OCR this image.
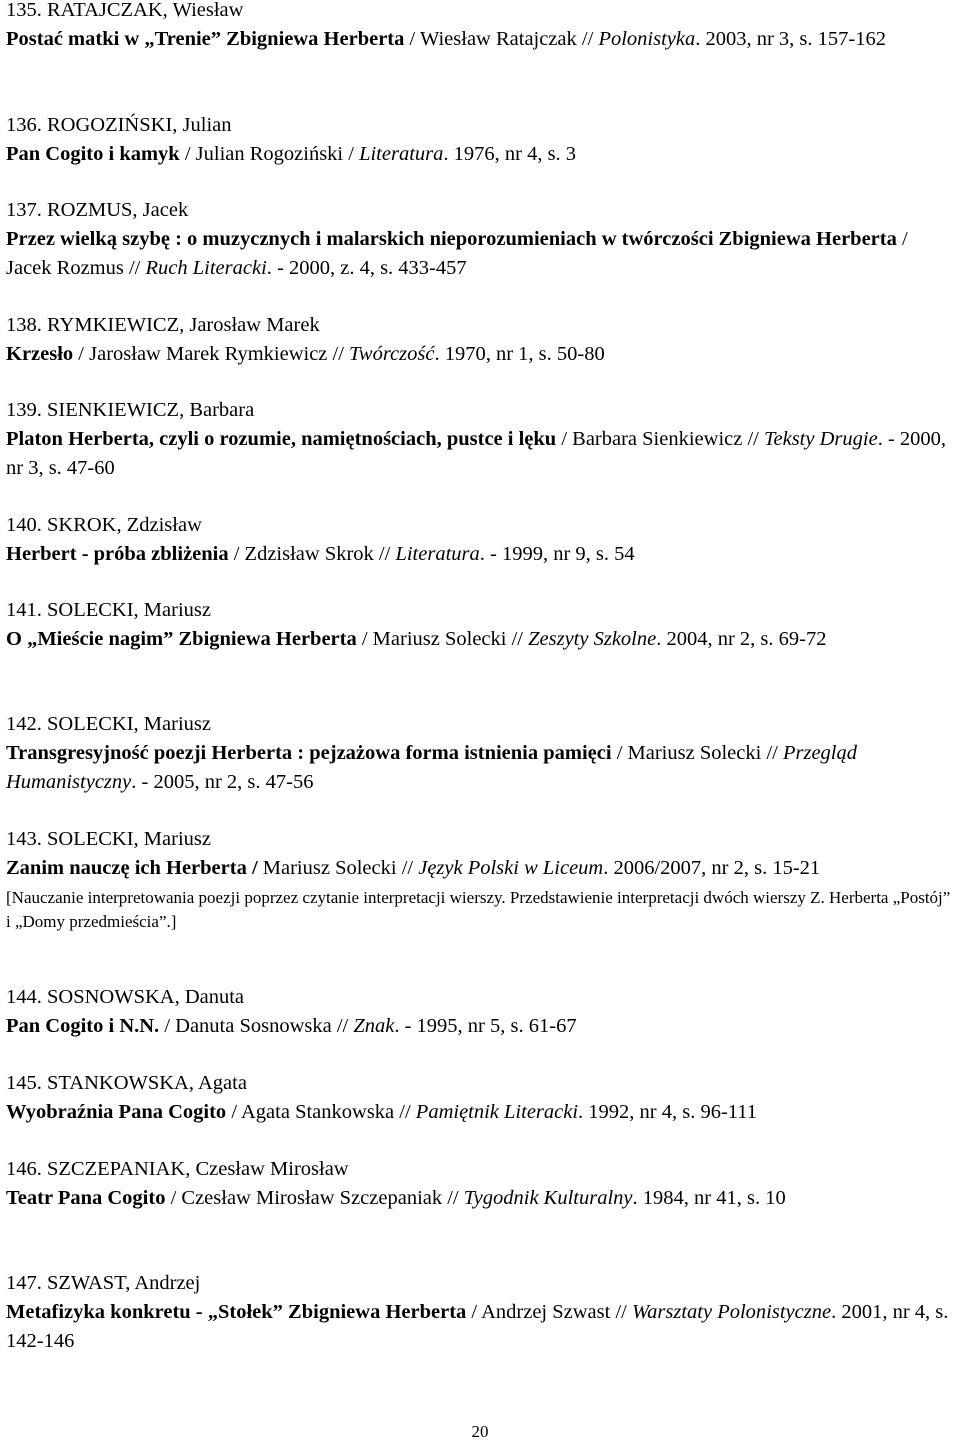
135. RATAJCZAK, Wiesław
Postać matki w „Trenie” Zbigniewa Herberta / Wiesław Ratajczak // Polonistyka. 2003, nr 3, s. 157-162
136. ROGOZIŃSKI, Julian
Pan Cogito i kamyk / Julian Rogoziński / Literatura. 1976, nr 4, s. 3
137. ROZMUS, Jacek
Przez wielką szybę : o muzycznych i malarskich nieporozumieniach w twórczości Zbigniewa Herberta / Jacek Rozmus // Ruch Literacki. - 2000, z. 4, s. 433-457
138. RYMKIEWICZ, Jarosław Marek
Krzesło / Jarosław Marek Rymkiewicz // Twórczość. 1970, nr 1, s. 50-80
139. SIENKIEWICZ, Barbara
Platon Herberta, czyli o rozumie, namiętnościach, pustce i lęku / Barbara Sienkiewicz // Teksty Drugie. - 2000, nr 3, s. 47-60
140. SKROK, Zdzisław
Herbert - próba zbliżenia / Zdzisław Skrok // Literatura. - 1999, nr 9, s. 54
141. SOLECKI, Mariusz
O „Mieście nagim” Zbigniewa Herberta / Mariusz Solecki // Zeszyty Szkolne. 2004, nr 2, s. 69-72
142. SOLECKI, Mariusz
Transgresyjność poezji Herberta : pejzażowa forma istnienia pamięci / Mariusz Solecki // Przegląd Humanistyczny. - 2005, nr 2, s. 47-56
143. SOLECKI, Mariusz
Zanim nauczę ich Herberta / Mariusz Solecki // Język Polski w Liceum. 2006/2007, nr 2, s. 15-21
[Nauczanie interpretowania poezji poprzez czytanie interpretacji wierszy. Przedstawienie interpretacji dwóch wierszy Z. Herberta „Postój” i „Domy przedmieścia”.]
144. SOSNOWSKA, Danuta
Pan Cogito i N.N. / Danuta Sosnowska // Znak. - 1995, nr 5, s. 61-67
145. STANKOWSKA, Agata
Wyobraźnia Pana Cogito / Agata Stankowska // Pamiętnik Literacki. 1992, nr 4, s. 96-111
146. SZCZEPANIAK, Czesław Mirosław
Teatr Pana Cogito / Czesław Mirosław Szczepaniak // Tygodnik Kulturalny. 1984, nr 41, s. 10
147. SZWAST, Andrzej
Metafizyka konkretu - „Stołek” Zbigniewa Herberta / Andrzej Szwast // Warsztaty Polonistyczne. 2001, nr 4, s. 142-146
20
